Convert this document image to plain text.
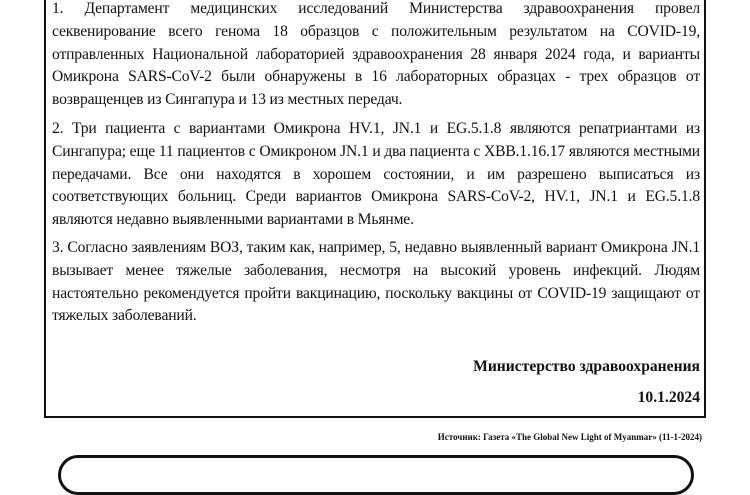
1. Департамент медицинских исследований Министерства здравоохранения провел секвенирование всего генома 18 образцов с положительным результатом на COVID-19, отправленных Национальной лабораторией здравоохранения 28 января 2024 года, и варианты Омикрона SARS-CoV-2 были обнаружены в 16 лабораторных образцах - трех образцов от возвращенцев из Сингапура и 13 из местных передач.

2. Три пациента с вариантами Омикрона HV.1, JN.1 и EG.5.1.8 являются репатриантами из Сингапура; еще 11 пациентов с Омикроном JN.1 и два пациента с XBB.1.16.17 являются местными передачами. Все они находятся в хорошем состоянии, и им разрешено выписаться из соответствующих больниц. Среди вариантов Омикрона SARS-CoV-2, HV.1, JN.1 и EG.5.1.8 являются недавно выявленными вариантами в Мьянме.

3. Согласно заявлениям ВОЗ, таким как, например, 5, недавно выявленный вариант Омикрона JN.1 вызывает менее тяжелые заболевания, несмотря на высокий уровень инфекций. Людям настоятельно рекомендуется пройти вакцинацию, поскольку вакцины от COVID-19 защищают от тяжелых заболеваний.

Министерство здравоохранения

10.1.2024

Источник: Газета «The Global New Light of Myanmar» (11-1-2024)
